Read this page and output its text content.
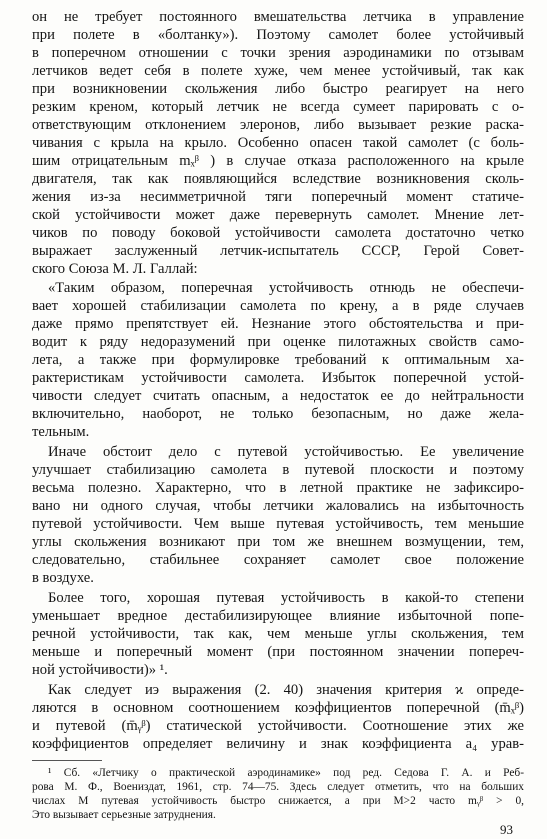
он не требует постоянного вмешательства летчика в управление
при полете в «болтанку»). Поэтому самолет более устойчивый
в поперечном отношении с точки зрения аэродинамики по отзывам
летчиков ведет себя в полете хуже, чем менее устойчивый, так как
при возникновении скольжения либо быстро реагирует на него
резким креном, который летчик не всегда сумеет парировать с о-
ответствующим отклонением элеронов, либо вызывает резкие раска-
чивания с крыла на крыло. Особенно опасен такой самолет (с боль-
шим отрицательным mₓᵝ ) в случае отказа расположенного на крыле
двигателя, так как появляющийся вследствие возникновения сколь-
жения из-за несимметричной тяги поперечный момент статиче-
ской устойчивости может даже перевернуть самолет. Мнение лет-
чиков по поводу боковой устойчивости самолета достаточно четко
выражает заслуженный летчик-испытатель СССР, Герой Совет-
ского Союза М. Л. Галлай:
«Таким образом, поперечная устойчивость отнюдь не обеспечи-
вает хорошей стабилизации самолета по крену, а в ряде случаев
даже прямо препятствует ей. Незнание этого обстоятельства и при-
водит к ряду недоразумений при оценке пилотажных свойств само-
лета, а также при формулировке требований к оптимальным ха-
рактеристикам устойчивости самолета. Избыток поперечной устой-
чивости следует считать опасным, а недостаток ее до нейтральности
включительно, наоборот, не только безопасным, но даже жела-
тельным.
Иначе обстоит дело с путевой устойчивостью. Ее увеличение
улучшает стабилизацию самолета в путевой плоскости и поэтому
весьма полезно. Характерно, что в летной практике не зафиксиро-
вано ни одного случая, чтобы летчики жаловались на избыточность
путевой устойчивости. Чем выше путевая устойчивость, тем меньшие
углы скольжения возникают при том же внешнем возмущении, тем,
следовательно, стабильнее сохраняет самолет свое положение
в воздухе.
Более того, хорошая путевая устойчивость в какой-то степени
уменьшает вредное дестабилизирующее влияние избыточной попе-
речной устойчивости, так как, чем меньше углы скольжения, тем
меньше и поперечный момент (при постоянном значении попереч-
ной устойчивости)» ¹.
Как следует иэ выражения (2. 40) значения критерия ϰ опреде-
ляются в основном соотношением коэффициентов поперечной (m̄ₓᵝ)
и путевой (m̄ᵧᵝ) статической устойчивости. Соотношение этих же
коэффициентов определяет величину и знак коэффициента a₄ урав-
¹ Сб. «Летчику о практической аэродинамике» под ред. Седова Г. А. и Реб-
рова М. Ф., Воениздат, 1961, стр. 74—75. Здесь следует отметить, что на больших
числах М путевая устойчивость быстро снижается, а при M>2 часто mᵧᵝ > 0,
Это вызывает серьезные затруднения.
93
